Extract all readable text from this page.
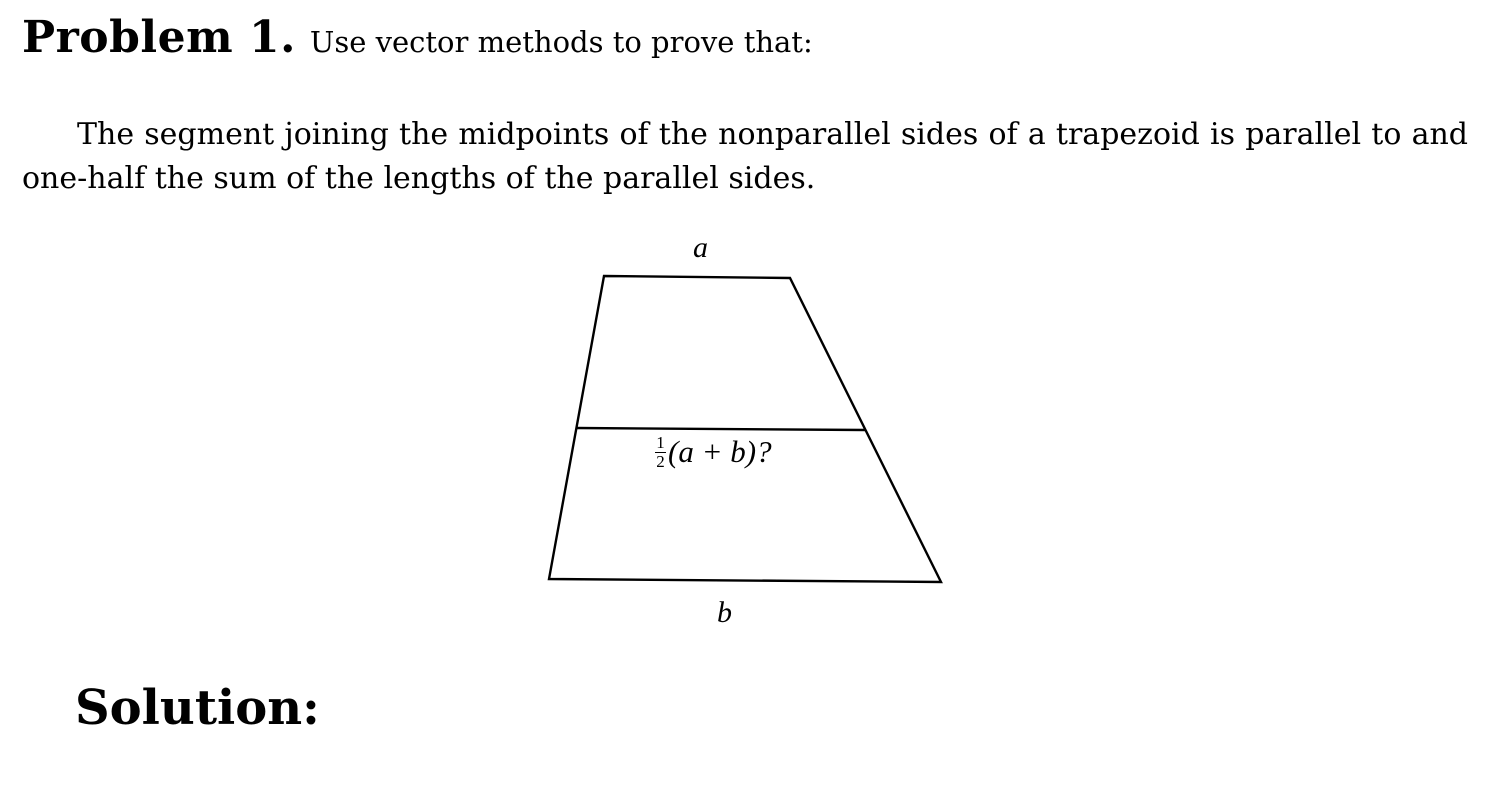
Problem 1. Use vector methods to prove that:
The segment joining the midpoints of the nonparallel sides of a trapezoid is parallel to and one-half the sum of the lengths of the parallel sides.
a
b
$\frac{1}{2} (a + b)$?
Solution:
